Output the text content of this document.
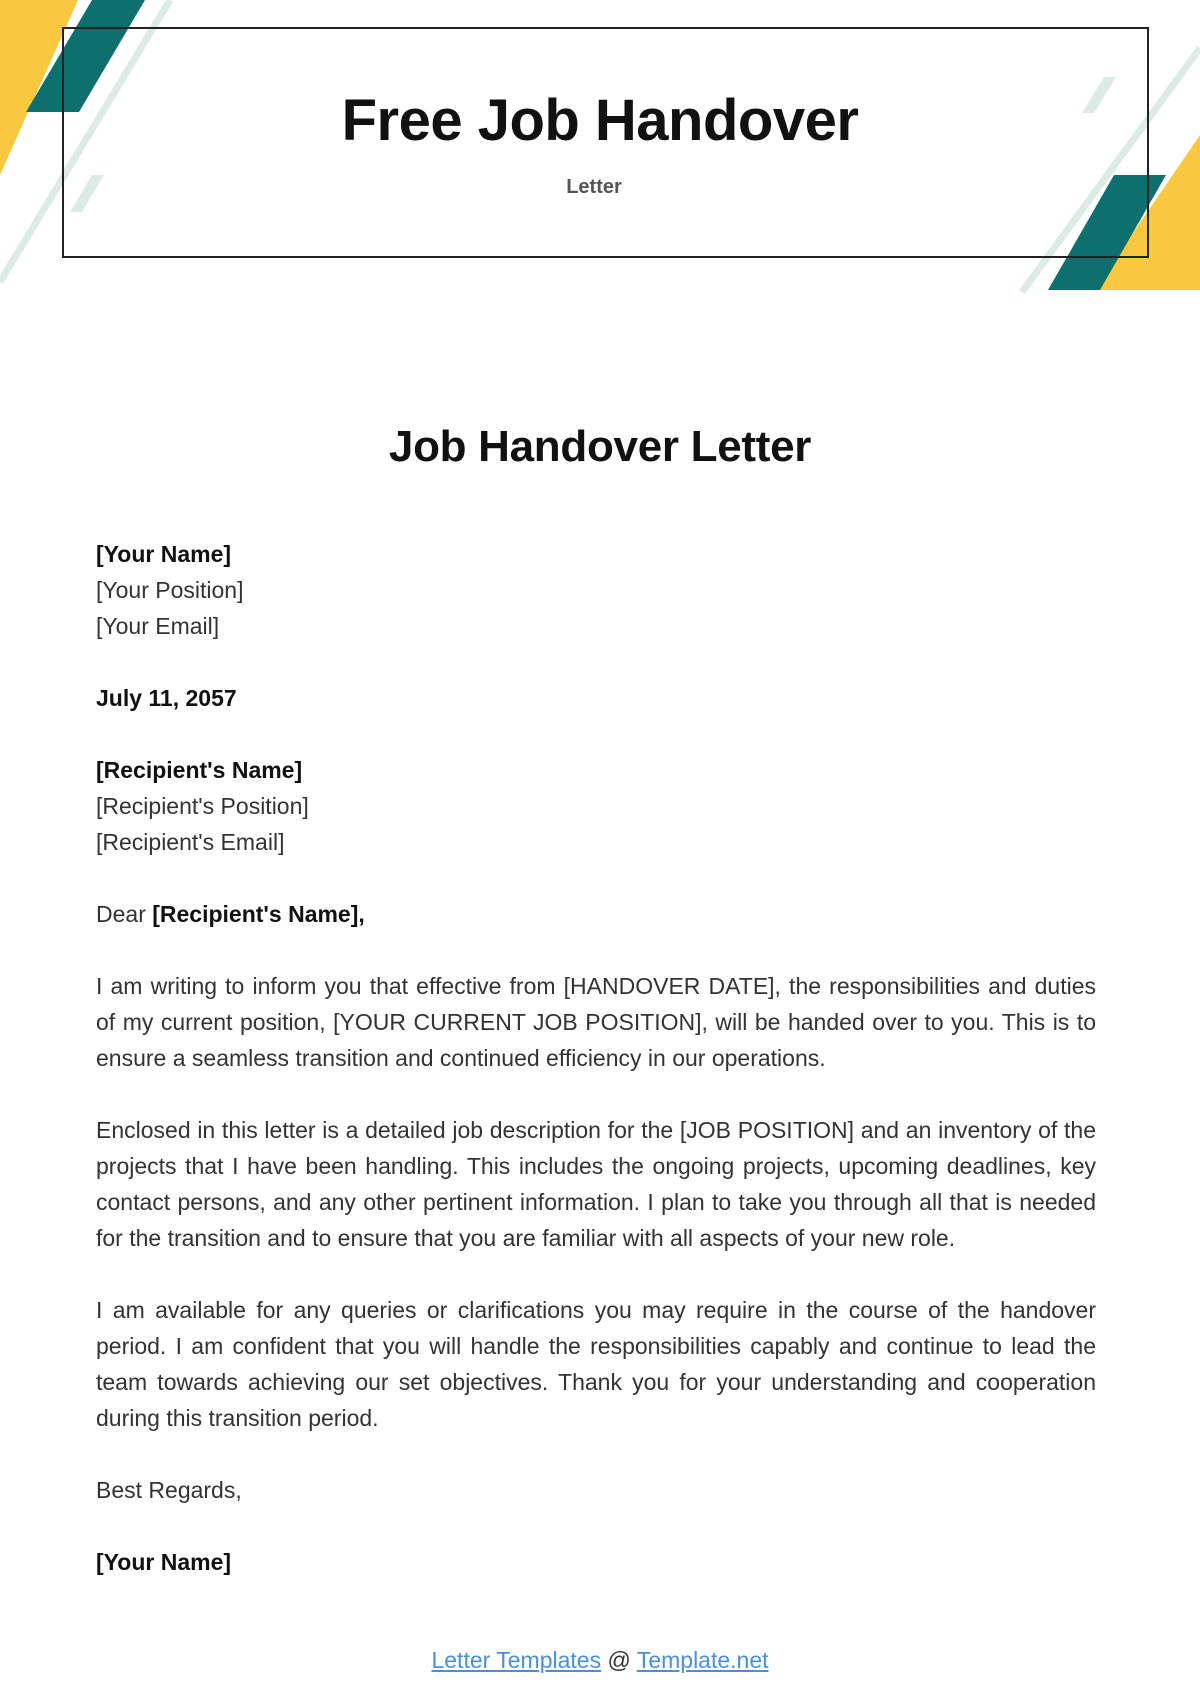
Free Job Handover
Letter
Job Handover Letter
[Your Name]
[Your Position]
[Your Email]
July 11, 2057
[Recipient's Name]
[Recipient's Position]
[Recipient's Email]
Dear [Recipient's Name],

I am writing to inform you that effective from [HANDOVER DATE], the responsibilities and duties of my current position, [YOUR CURRENT JOB POSITION], will be handed over to you. This is to ensure a seamless transition and continued efficiency in our operations.

Enclosed in this letter is a detailed job description for the [JOB POSITION] and an inventory of the projects that I have been handling. This includes the ongoing projects, upcoming deadlines, key contact persons, and any other pertinent information. I plan to take you through all that is needed for the transition and to ensure that you are familiar with all aspects of your new role.

I am available for any queries or clarifications you may require in the course of the handover period. I am confident that you will handle the responsibilities capably and continue to lead the team towards achieving our set objectives. Thank you for your understanding and cooperation during this transition period.

Best Regards,
[Your Name]
Letter Templates @ Template.net
